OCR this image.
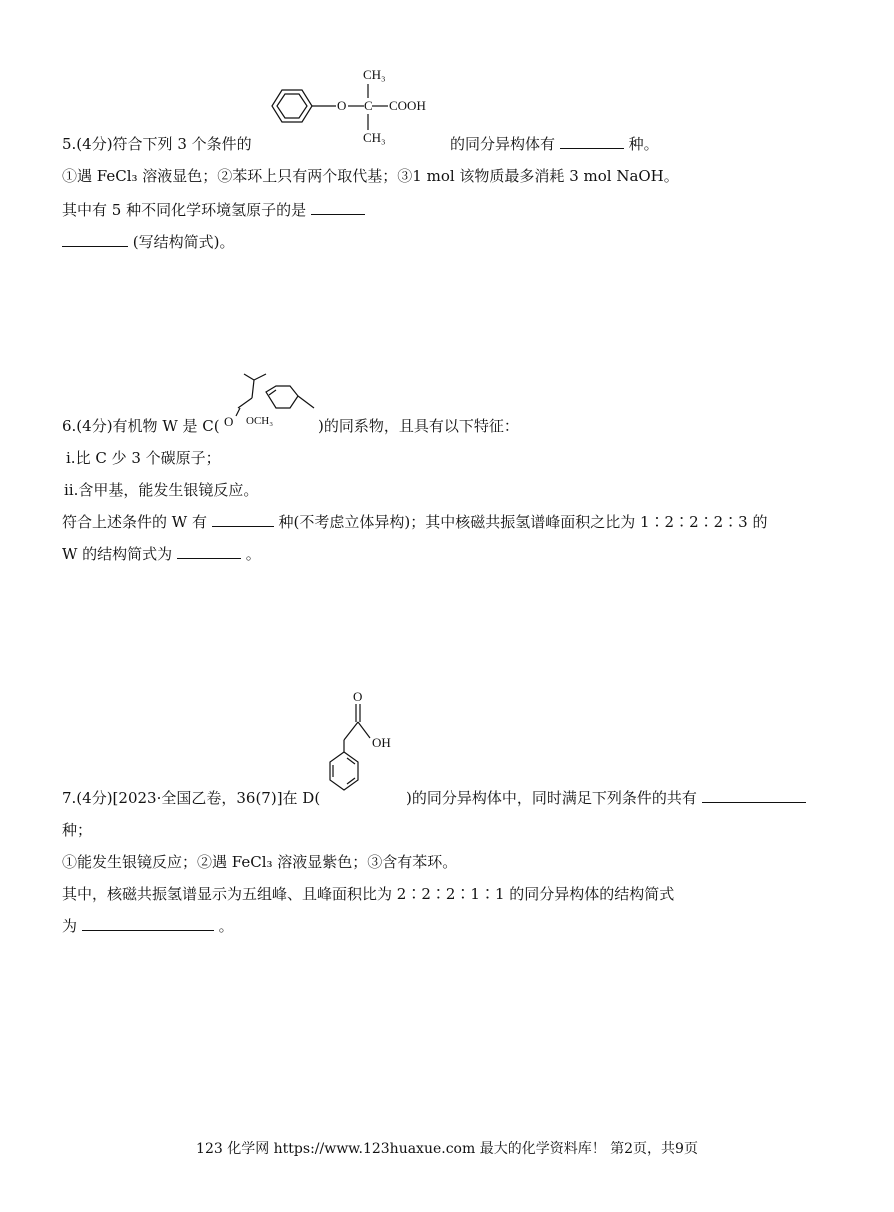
O C COOH
CH₃
CH₃
5.(4分)符合下列 3 个条件的	的同分异构体有	种。
①遇 FeCl₃ 溶液显色；②苯环上只有两个取代基；③1 mol 该物质最多消耗 3 mol NaOH。
其中有 5 种不同化学环境氢原子的是
(写结构简式)。
O OCH₃
6.(4分)有机物 W 是 C(	)的同系物，且具有以下特征：
ⅰ.比 C 少 3 个碳原子；
ⅱ.含甲基，能发生银镜反应。
符合上述条件的 W 有	种(不考虑立体异构)；其中核磁共振氢谱峰面积之比为 1∶2∶2∶2∶3 的
W 的结构简式为	。
O
OH
7.(4分)[2023·全国乙卷，36(7)]在 D(	)的同分异构体中，同时满足下列条件的共有
种；
①能发生银镜反应；②遇 FeCl₃ 溶液显紫色；③含有苯环。
其中，核磁共振氢谱显示为五组峰、且峰面积比为 2∶2∶2∶1∶1 的同分异构体的结构简式
为	。
123 化学网 https://www.123huaxue.com 最大的化学资料库！ 第2页，共9页
